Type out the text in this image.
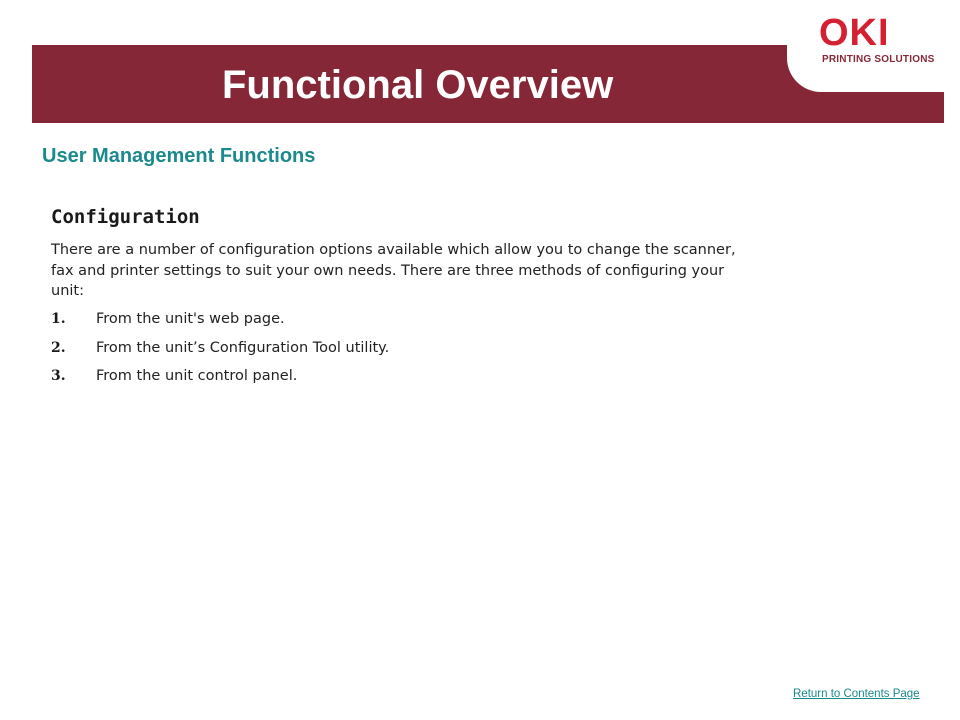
OKI
PRINTING SOLUTIONS
Functional Overview
User Management Functions
Configuration

There are a number of configuration options available which allow you to change the scanner, fax and printer settings to suit your own needs. There are three methods of configuring your unit:

1. From the unit's web page.
2. From the unit’s Configuration Tool utility.
3. From the unit control panel.
Return to Contents Page
